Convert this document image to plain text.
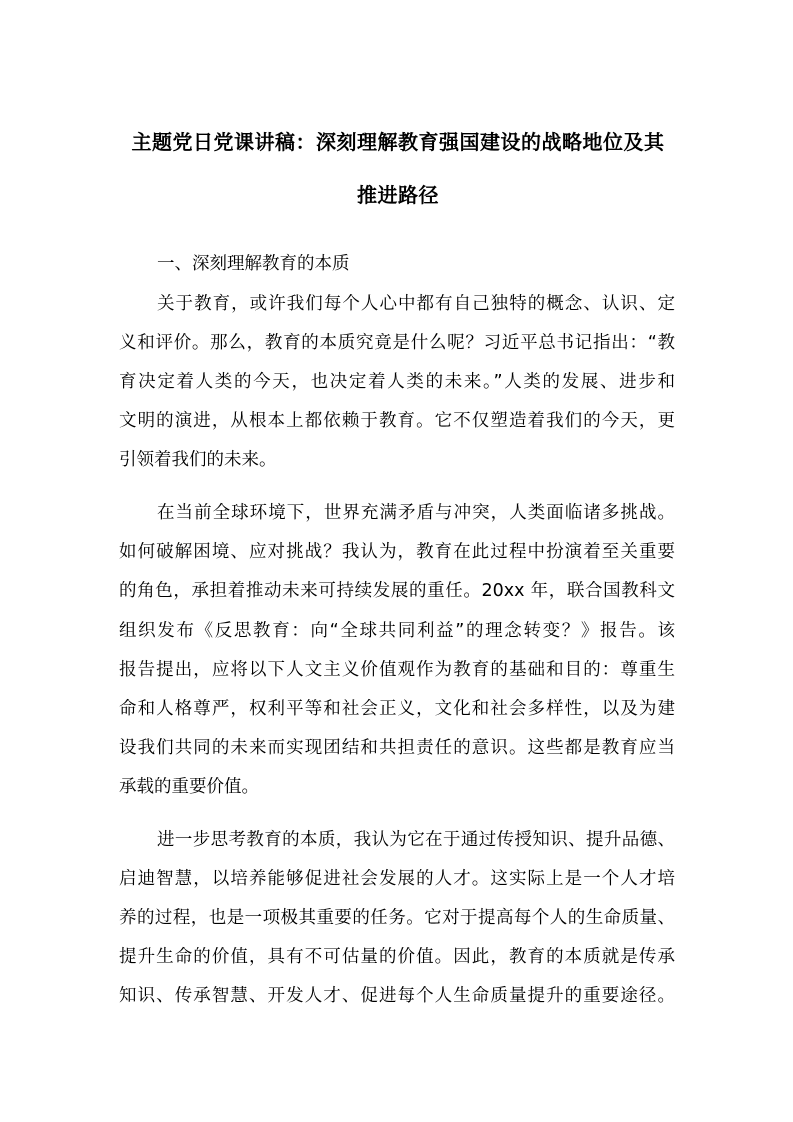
主题党日党课讲稿：深刻理解教育强国建设的战略地位及其
推进路径
一、深刻理解教育的本质
关于教育，或许我们每个人心中都有自己独特的概念、认识、定
义和评价。那么，教育的本质究竟是什么呢？习近平总书记指出：“教
育决定着人类的今天，也决定着人类的未来。”人类的发展、进步和
文明的演进，从根本上都依赖于教育。它不仅塑造着我们的今天，更
引领着我们的未来。
在当前全球环境下，世界充满矛盾与冲突，人类面临诸多挑战。
如何破解困境、应对挑战？我认为，教育在此过程中扮演着至关重要
的角色，承担着推动未来可持续发展的重任。20xx 年，联合国教科文
组织发布《反思教育：向“全球共同利益”的理念转变？》报告。该
报告提出，应将以下人文主义价值观作为教育的基础和目的：尊重生
命和人格尊严，权利平等和社会正义，文化和社会多样性，以及为建
设我们共同的未来而实现团结和共担责任的意识。这些都是教育应当
承载的重要价值。
进一步思考教育的本质，我认为它在于通过传授知识、提升品德、
启迪智慧，以培养能够促进社会发展的人才。这实际上是一个人才培
养的过程，也是一项极其重要的任务。它对于提高每个人的生命质量、
提升生命的价值，具有不可估量的价值。因此，教育的本质就是传承
知识、传承智慧、开发人才、促进每个人生命质量提升的重要途径。
